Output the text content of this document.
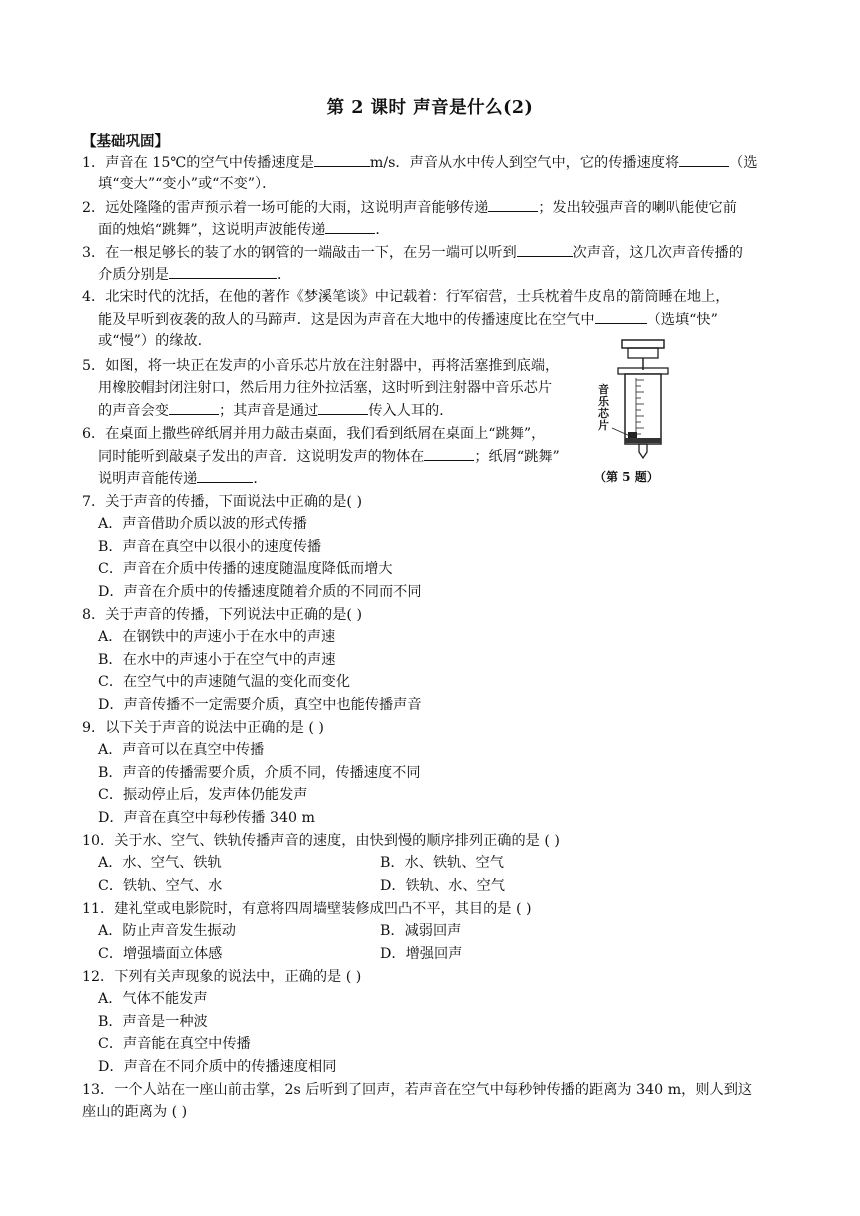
第 2 课时 声音是什么(2)
【基础巩固】
1．声音在 15℃的空气中传播速度是	m/s．声音从水中传人到空气中，它的传播速度将	（选
填“变大”“变小”或“不变”）．
2．远处隆隆的雷声预示着一场可能的大雨，这说明声音能够传递	；发出较强声音的喇叭能使它前
面的烛焰“跳舞”，这说明声波能传递	．
3．在一根足够长的装了水的钢管的一端敲击一下，在另一端可以听到	次声音，这几次声音传播的
介质分别是	．
4．北宋时代的沈括，在他的著作《梦溪笔谈》中记载着：行军宿营，士兵枕着牛皮帛的箭筒睡在地上，
能及早听到夜袭的敌人的马蹄声．这是因为声音在大地中的传播速度比在空气中	（选填“快”
或“慢”）的缘故．
5．如图，将一块正在发声的小音乐芯片放在注射器中，再将活塞推到底端，
用橡胶帽封闭注射口，然后用力往外拉活塞，这时听到注射器中音乐芯片
的声音会变	；其声音是通过	传入人耳的．
6．在桌面上撒些碎纸屑并用力敲击桌面，我们看到纸屑在桌面上“跳舞”，
同时能听到敲桌子发出的声音．这说明发声的物体在	；纸屑“跳舞”
说明声音能传递	．
音乐芯片
（第 5 题）
7．关于声音的传播，下面说法中正确的是( )
A．声音借助介质以波的形式传播
B．声音在真空中以很小的速度传播
C．声音在介质中传播的速度随温度降低而增大
D．声音在介质中的传播速度随着介质的不同而不同
8．关于声音的传播，下列说法中正确的是( )
A．在钢铁中的声速小于在水中的声速
B．在水中的声速小于在空气中的声速
C．在空气中的声速随气温的变化而变化
D．声音传播不一定需要介质，真空中也能传播声音
9．以下关于声音的说法中正确的是 ( )
A．声音可以在真空中传播
B．声音的传播需要介质，介质不同，传播速度不同
C．振动停止后，发声体仍能发声
D．声音在真空中每秒传播 340 m
10．关于水、空气、铁轨传播声音的速度，由快到慢的顺序排列正确的是 ( )
A．水、空气、铁轨	B．水、铁轨、空气
C．铁轨、空气、水	D．铁轨、水、空气
11．建礼堂或电影院时，有意将四周墙壁装修成凹凸不平，其目的是 ( )
A．防止声音发生振动	B．减弱回声
C．增强墙面立体感	D．增强回声
12．下列有关声现象的说法中，正确的是 ( )
A．气体不能发声
B．声音是一种波
C．声音能在真空中传播
D．声音在不同介质中的传播速度相同
13．一个人站在一座山前击掌，2s 后听到了回声，若声音在空气中每秒钟传播的距离为 340 m，则人到这
座山的距离为 ( )
